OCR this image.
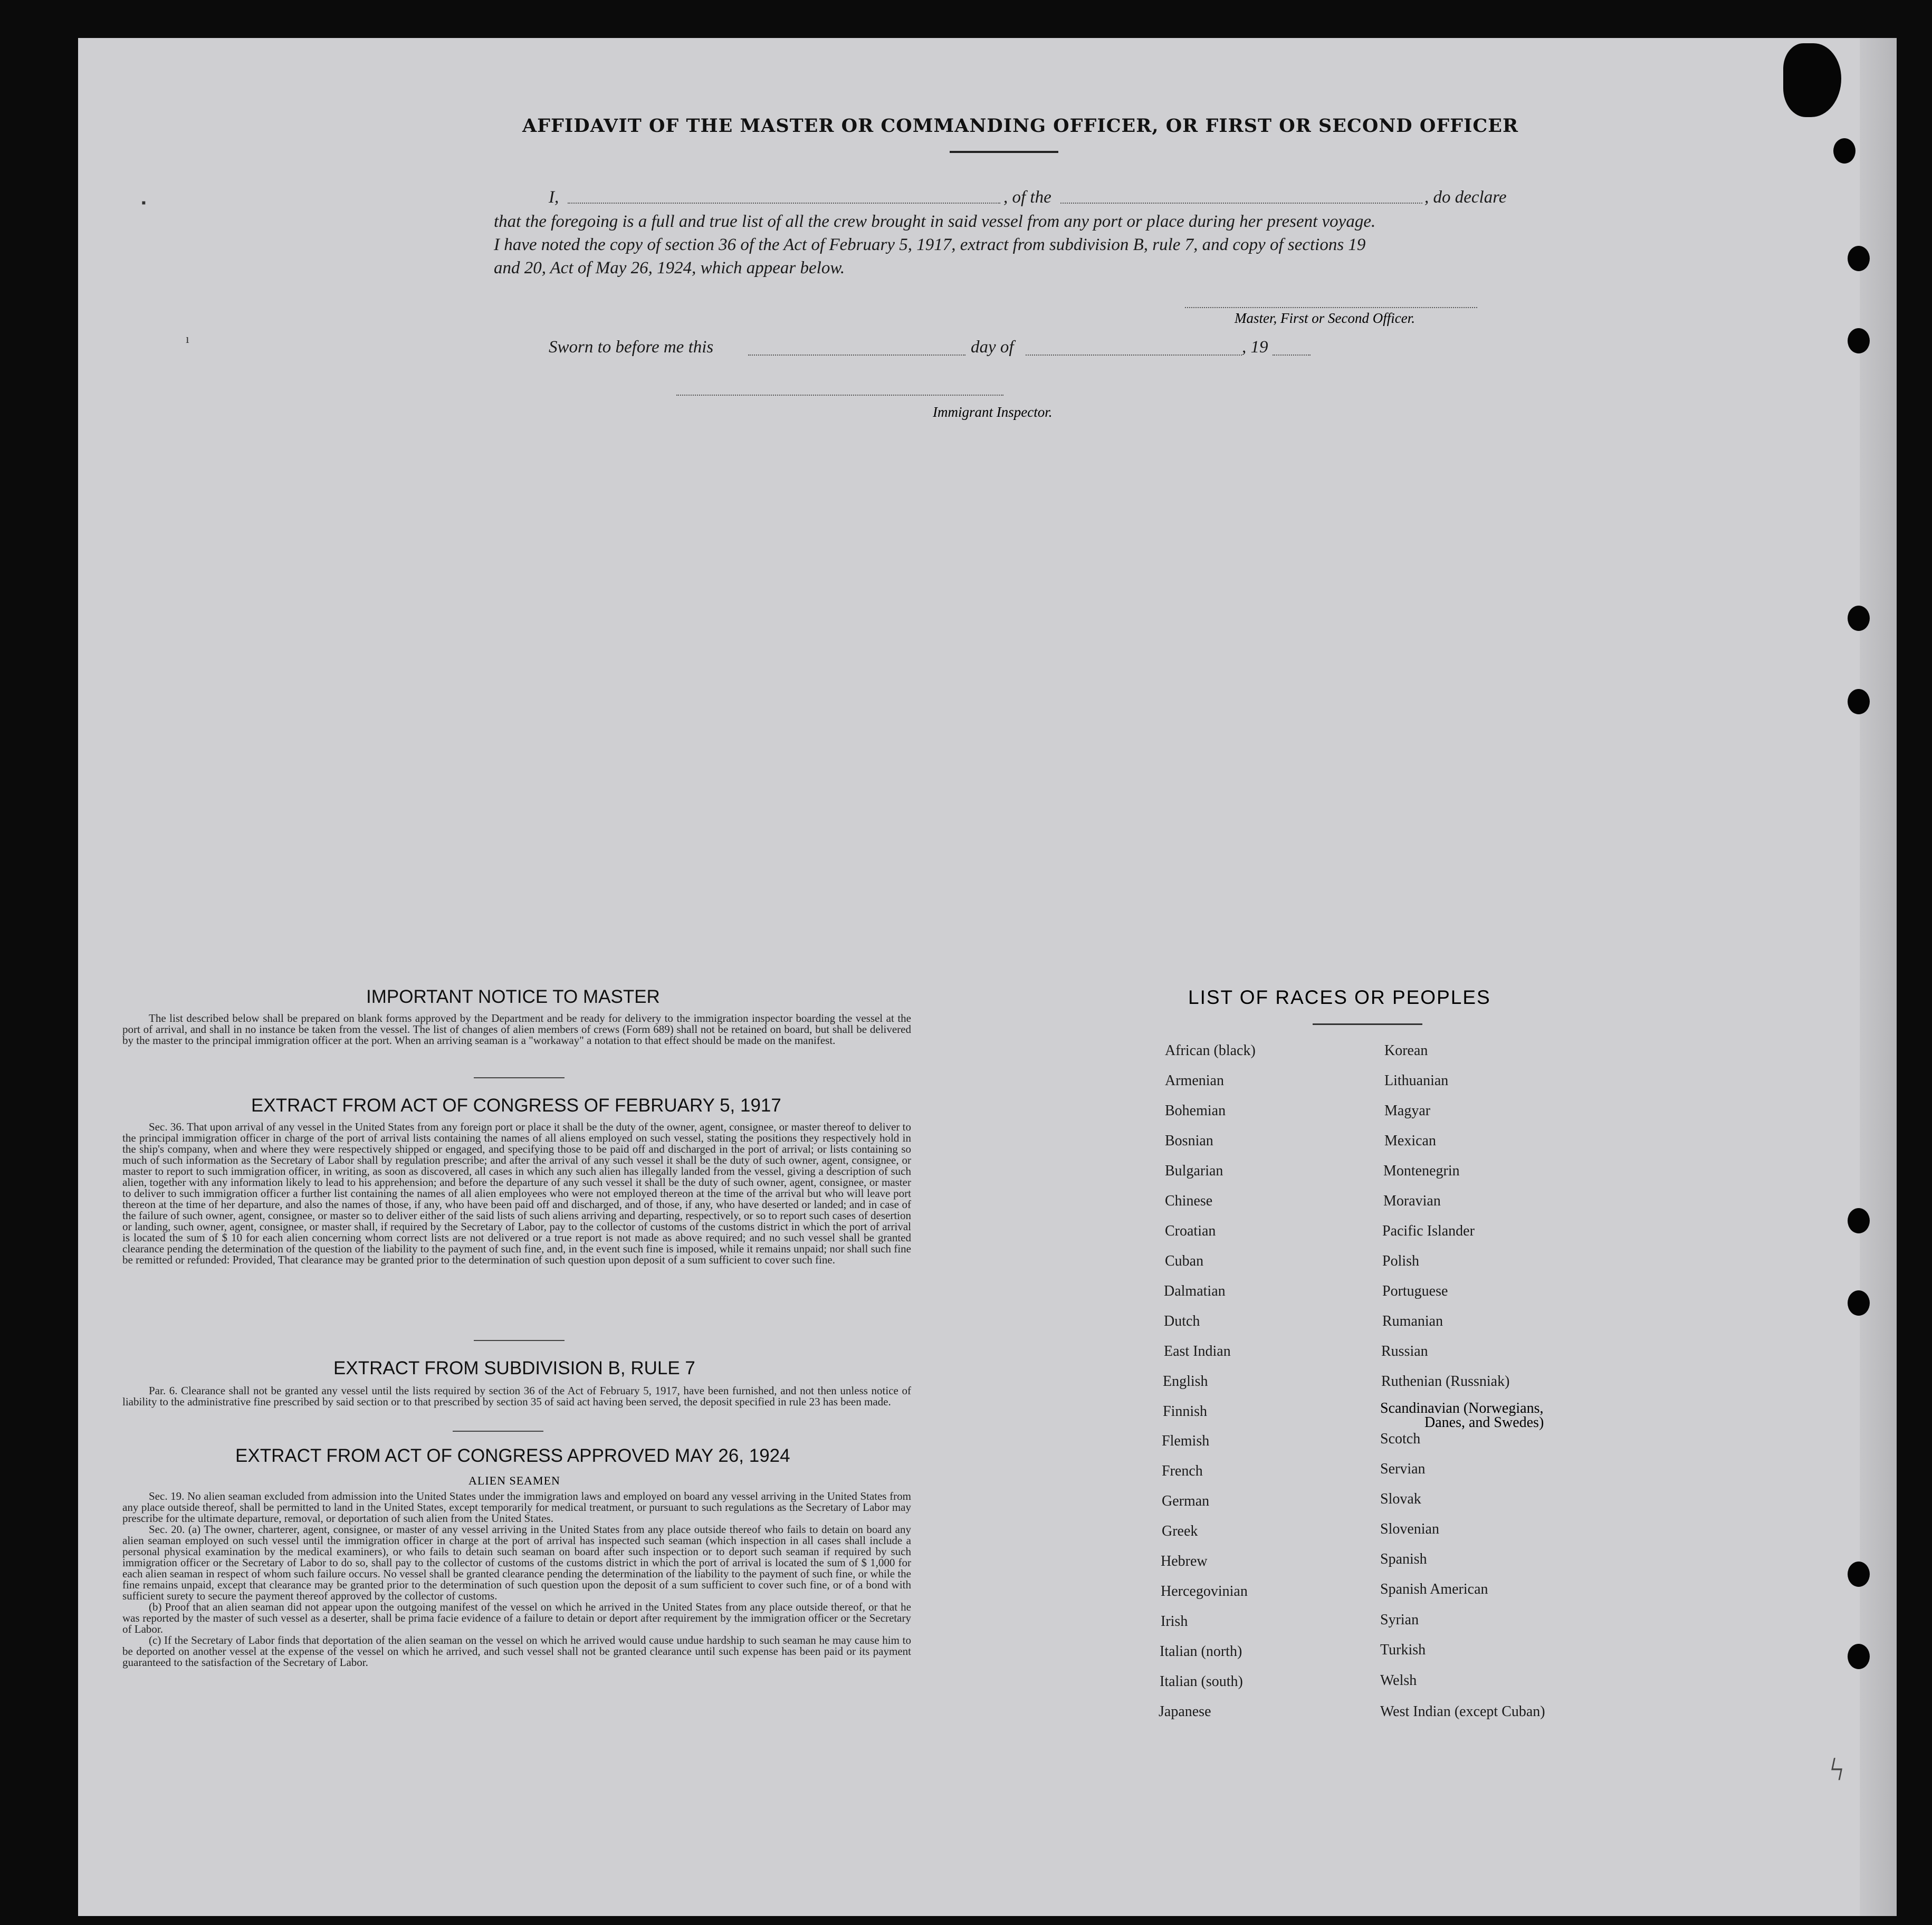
▪
ı
ϟ
AFFIDAVIT OF THE MASTER OR COMMANDING OFFICER, OR FIRST OR SECOND OFFICER
I,	, of the	, do declare
that the foregoing is a full and true list of all the crew brought in said vessel from any port or place during her present voyage.
I have noted the copy of section 36 of the Act of February 5, 1917, extract from subdivision B, rule 7, and copy of sections 19
and 20, Act of May 26, 1924, which appear below.
Master, First or Second Officer.
Sworn to before me this	day of	, 19
Immigrant Inspector.
IMPORTANT NOTICE TO MASTER

The list described below shall be prepared on blank forms approved by the Department and be ready for delivery to the immigration inspector boarding the vessel at the port of arrival, and shall in no instance be taken from the vessel. The list of changes of alien members of crews (Form 689) shall not be retained on board, but shall be delivered by the master to the principal immigration officer at the port. When an arriving seaman is a "workaway" a notation to that effect should be made on the manifest.

EXTRACT FROM ACT OF CONGRESS OF FEBRUARY 5, 1917

Sec. 36. That upon arrival of any vessel in the United States from any foreign port or place it shall be the duty of the owner, agent, consignee, or master thereof to deliver to the principal immigration officer in charge of the port of arrival lists containing the names of all aliens employed on such vessel, stating the positions they respectively hold in the ship's company, when and where they were respectively shipped or engaged, and specifying those to be paid off and discharged in the port of arrival; or lists containing so much of such information as the Secretary of Labor shall by regulation prescribe; and after the arrival of any such vessel it shall be the duty of such owner, agent, consignee, or master to report to such immigration officer, in writing, as soon as discovered, all cases in which any such alien has illegally landed from the vessel, giving a description of such alien, together with any information likely to lead to his apprehension; and before the departure of any such vessel it shall be the duty of such owner, agent, consignee, or master to deliver to such immigration officer a further list containing the names of all alien employees who were not employed thereon at the time of the arrival but who will leave port thereon at the time of her departure, and also the names of those, if any, who have been paid off and discharged, and of those, if any, who have deserted or landed; and in case of the failure of such owner, agent, consignee, or master so to deliver either of the said lists of such aliens arriving and departing, respectively, or so to report such cases of desertion or landing, such owner, agent, consignee, or master shall, if required by the Secretary of Labor, pay to the collector of customs of the customs district in which the port of arrival is located the sum of $ 10 for each alien concerning whom correct lists are not delivered or a true report is not made as above required; and no such vessel shall be granted clearance pending the determination of the question of the liability to the payment of such fine, and, in the event such fine is imposed, while it remains unpaid; nor shall such fine be remitted or refunded: Provided, That clearance may be granted prior to the determination of such question upon deposit of a sum sufficient to cover such fine.

EXTRACT FROM SUBDIVISION B, RULE 7

Par. 6. Clearance shall not be granted any vessel until the lists required by section 36 of the Act of February 5, 1917, have been furnished, and not then unless notice of liability to the administrative fine prescribed by said section or to that prescribed by section 35 of said act having been served, the deposit specified in rule 23 has been made.

EXTRACT FROM ACT OF CONGRESS APPROVED MAY 26, 1924
ALIEN SEAMEN

Sec. 19. No alien seaman excluded from admission into the United States under the immigration laws and employed on board any vessel arriving in the United States from any place outside thereof, shall be permitted to land in the United States, except temporarily for medical treatment, or pursuant to such regulations as the Secretary of Labor may prescribe for the ultimate departure, removal, or deportation of such alien from the United States.

Sec. 20. (a) The owner, charterer, agent, consignee, or master of any vessel arriving in the United States from any place outside thereof who fails to detain on board any alien seaman employed on such vessel until the immigration officer in charge at the port of arrival has inspected such seaman (which inspection in all cases shall include a personal physical examination by the medical examiners), or who fails to detain such seaman on board after such inspection or to deport such seaman if required by such immigration officer or the Secretary of Labor to do so, shall pay to the collector of customs of the customs district in which the port of arrival is located the sum of $ 1,000 for each alien seaman in respect of whom such failure occurs. No vessel shall be granted clearance pending the determination of the liability to the payment of such fine, or while the fine remains unpaid, except that clearance may be granted prior to the determination of such question upon the deposit of a sum sufficient to cover such fine, or of a bond with sufficient surety to secure the payment thereof approved by the collector of customs.

(b) Proof that an alien seaman did not appear upon the outgoing manifest of the vessel on which he arrived in the United States from any place outside thereof, or that he was reported by the master of such vessel as a deserter, shall be prima facie evidence of a failure to detain or deport after requirement by the immigration officer or the Secretary of Labor.

(c) If the Secretary of Labor finds that deportation of the alien seaman on the vessel on which he arrived would cause undue hardship to such seaman he may cause him to be deported on another vessel at the expense of the vessel on which he arrived, and such vessel shall not be granted clearance until such expense has been paid or its payment guaranteed to the satisfaction of the Secretary of Labor.

LIST OF RACES OR PEOPLES
African (black)
Armenian
Bohemian
Bosnian
Bulgarian
Chinese
Croatian
Cuban
Dalmatian
Dutch
East Indian
English
Finnish
Flemish
French
German
Greek
Hebrew
Hercegovinian
Irish
Italian (north)
Italian (south)
Japanese
Korean
Lithuanian
Magyar
Mexican
Montenegrin
Moravian
Pacific Islander
Polish
Portuguese
Rumanian
Russian
Ruthenian (Russniak)
Scandinavian (Norwegians,
Danes, and Swedes)
Scotch
Servian
Slovak
Slovenian
Spanish
Spanish American
Syrian
Turkish
Welsh
West Indian (except Cuban)
